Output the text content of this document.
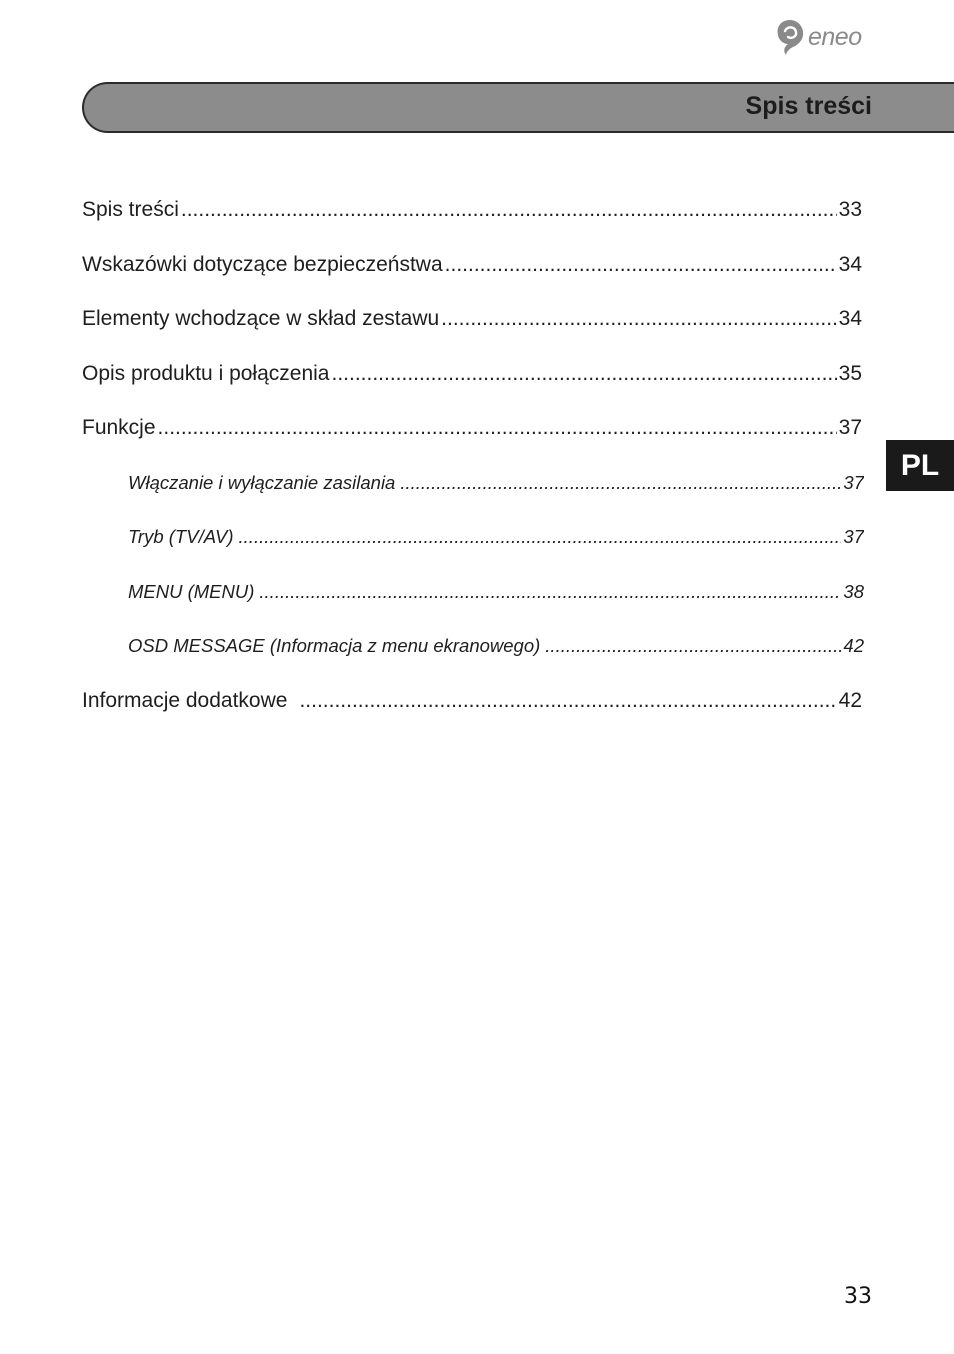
eneo
Spis treści
Spis treści .....	33
Wskazówki dotyczące bezpieczeństwa .....	34
Elementy wchodzące w skład zestawu .....	34
Opis produktu i połączenia .....	35
Funkcje .....	37
Włączanie i wyłączanie zasilania .....	37
Tryb (TV/AV) .....	37
MENU (MENU) .....	38
OSD MESSAGE (Informacja z menu ekranowego) .....	42
Informacje dodatkowe .....	42
PL
33
